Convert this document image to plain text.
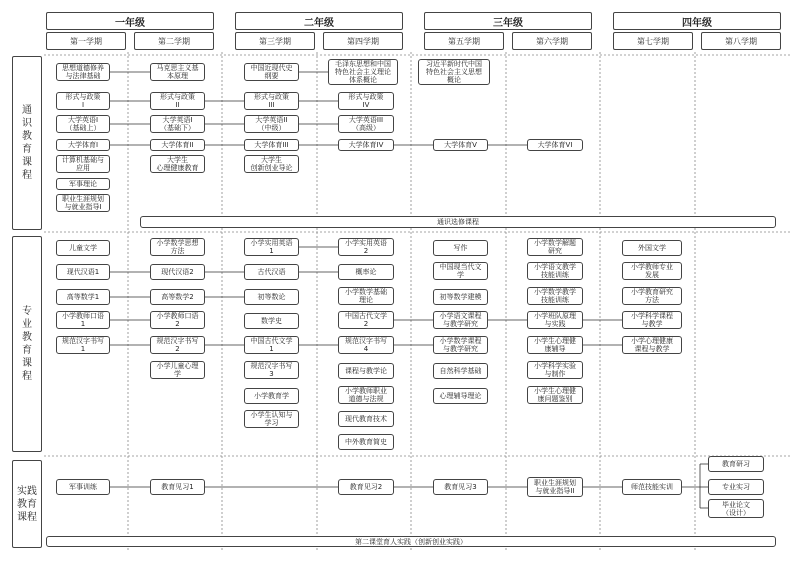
一年级	二年级	三年级	四年级
第一学期	第二学期	第三学期	第四学期	第五学期	第六学期	第七学期	第八学期
通
识
教
育
课
程
专
业
教
育
课
程
实践
教育
课程
通识选修课程
第二课堂育人实践（创新创业实践）
思想道德修养
与法律基础
形式与政策
I
大学英语I
（基础上）
大学体育I
计算机基础与
应用
军事理论
职业生涯规划
与就业指导I
马克思主义基
本原理
形式与政策
II
大学英语I
（基础下）
大学体育II
大学生
心理健康教育
中国近现代史
纲要
形式与政策
III
大学英语II
（中级）
大学体育III
大学生
创新创业导论
毛泽东思想和中国
特色社会主义理论
体系概论
形式与政策
IV
大学英语III
（高级）
大学体育IV
习近平新时代中国
特色社会主义思想
概论
大学体育V	大学体育VI
儿童文学
现代汉语1
高等数学1
小学教师口语
1
规范汉字书写
1
小学数学思想
方法
现代汉语2
高等数学2
小学教师口语
2
规范汉字书写
2
小学儿童心理
学
小学实用英语
1
古代汉语
初等数论
数学史
中国古代文学
1
规范汉字书写
3
小学教育学
小学生认知与
学习
小学实用英语
2
概率论
小学数学基础
理论
中国古代文学
2
规范汉字书写
4
课程与教学论
小学教师职业
道德与法规
现代教育技术
中外教育简史
写作
中国现当代文
学
初等数学建模
小学语文课程
与教学研究
小学数学课程
与教学研究
自然科学基础
心理辅导理论
小学数学解题
研究
小学语文教学
技能训练
小学数学教学
技能训练
小学班队原理
与实践
小学生心理健
康辅导
小学科学实验
与制作
小学生心理健
康问题鉴别
外国文学
小学教师专业
发展
小学教育研究
方法
小学科学课程
与教学
小学心理健康
课程与教学
军事训练	教育见习1	教育见习2	教育见习3	职业生涯规划
与就业指导II	师范技能实训
教育研习
专业实习
毕业论文
（设计）
